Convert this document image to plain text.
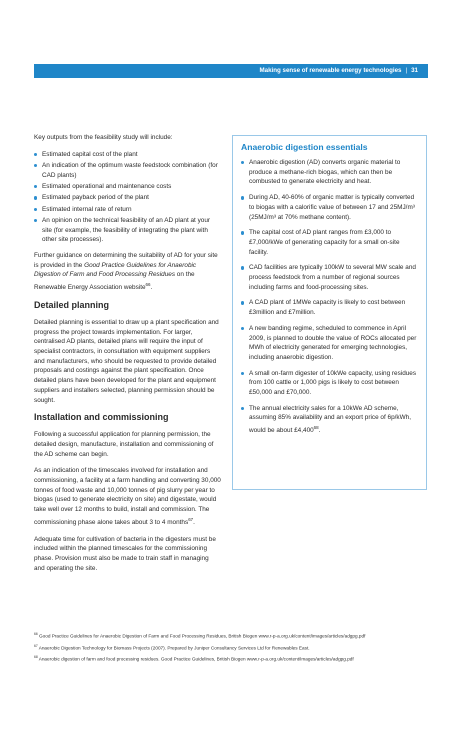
Making sense of renewable energy technologies | 31

Key outputs from the feasibility study will include:

Estimated capital cost of the plant
An indication of the optimum waste feedstock combination (for CAD plants)
Estimated operational and maintenance costs
Estimated payback period of the plant
Estimated internal rate of return
An opinion on the technical feasibility of an AD plant at your site (for example, the feasibility of integrating the plant with other site processes).

Further guidance on determining the suitability of AD for your site is provided in the Good Practice Guidelines for Anaerobic Digestion of Farm and Food Processing Residues on the Renewable Energy Association website$^{66}$.

Detailed planning

Detailed planning is essential to draw up a plant specification and progress the project towards implementation. For larger, centralised AD plants, detailed plans will require the input of specialist contractors, in consultation with equipment suppliers and manufacturers, who should be requested to provide detailed proposals and costings against the plant specification. Once detailed plans have been developed for the plant and equipment suppliers and installers selected, planning permission should be sought.

Installation and commissioning

Following a successful application for planning permission, the detailed design, manufacture, installation and commissioning of the AD scheme can begin.

As an indication of the timescales involved for installation and commissioning, a facility at a farm handling and converting 30,000 tonnes of food waste and 10,000 tonnes of pig slurry per year to biogas (used to generate electricity on site) and digestate, would take well over 12 months to build, install and commission. The commissioning phase alone takes about 3 to 4 months$^{67}$.

Adequate time for cultivation of bacteria in the digesters must be included within the planned timescales for the commissioning phase. Provision must also be made to train staff in managing and operating the site.

Anaerobic digestion essentials
Anaerobic digestion (AD) converts organic material to produce a methane-rich biogas, which can then be combusted to generate electricity and heat.
During AD, 40-60% of organic matter is typically converted to biogas with a calorific value of between 17 and 25MJ/m³ (25MJ/m³ at 70% methane content).
The capital cost of AD plant ranges from £3,000 to £7,000/kWe of generating capacity for a small on-site facility.
CAD facilities are typically 100kW to several MW scale and process feedstock from a number of regional sources including farms and food-processing sites.
A CAD plant of 1MWe capacity is likely to cost between £3million and £7million.
A new banding regime, scheduled to commence in April 2009, is planned to double the value of ROCs allocated per MWh of electricity generated for emerging technologies, including anaerobic digestion.
A small on-farm digester of 10kWe capacity, using residues from 100 cattle or 1,000 pigs is likely to cost between £50,000 and £70,000.
The annual electricity sales for a 10kWe AD scheme, assuming 85% availability and an export price of 6p/kWh, would be about £4,400$^{68}$.
$^{66}$ Good Practice Guidelines for Anaerobic Digestion of Farm and Food Processing Residues, British Biogen www.r-p-a.org.uk/content/images/articles/adgpg.pdf
$^{67}$ Anaerobic Digestion Technology for Biomass Projects (2007). Prepared by Juniper Consultancy Services Ltd for Renewables East.
$^{68}$ Anaerobic digestion of farm and food processing residues. Good Practice Guidelines, British Biogen www.r-p-a.org.uk/content/images/articles/adgpg.pdf
